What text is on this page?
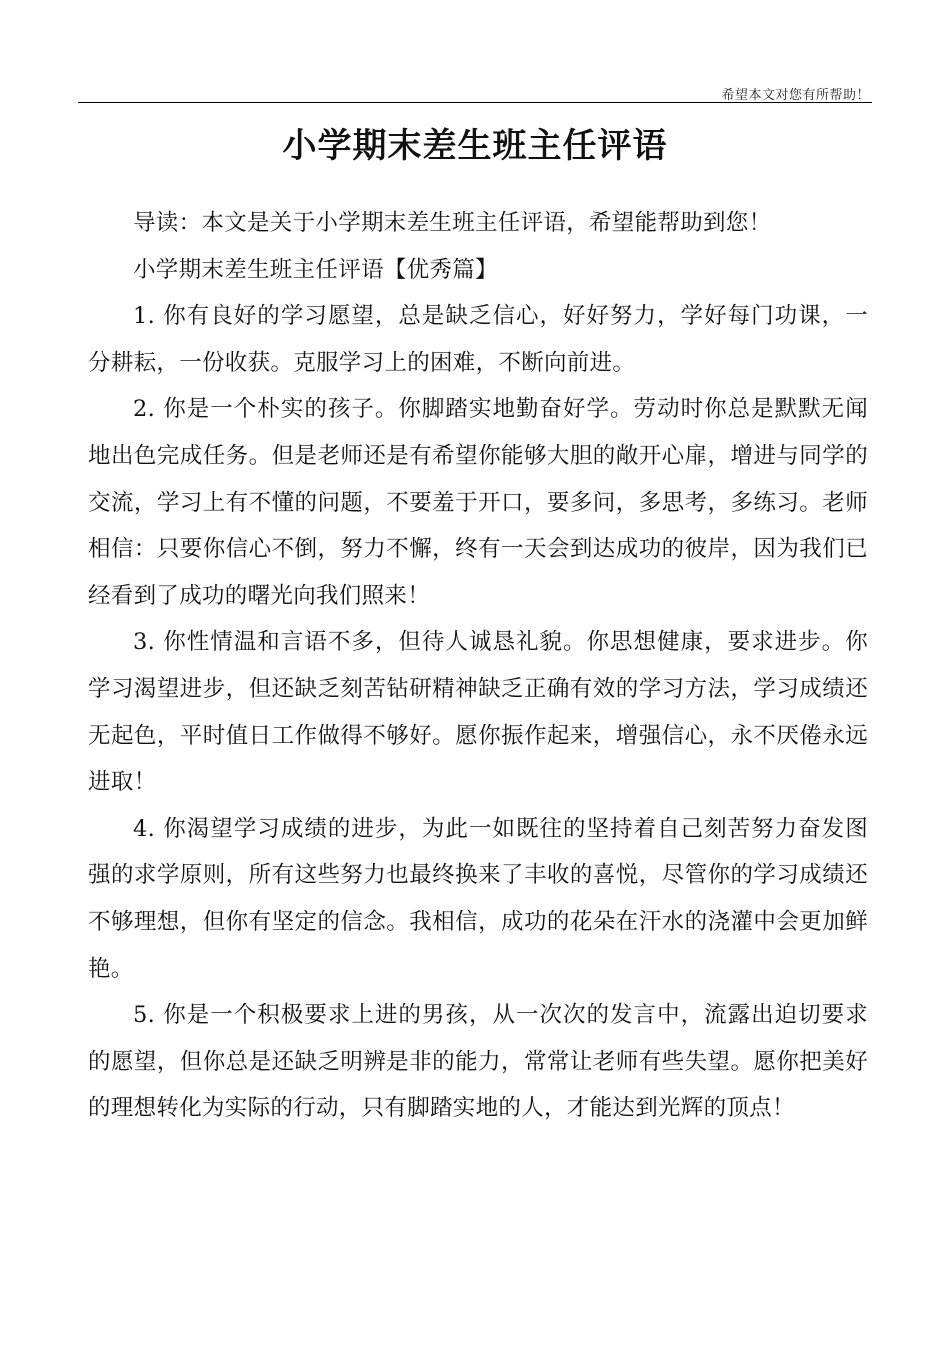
希望本文对您有所帮助！
小学期末差生班主任评语

导读：本文是关于小学期末差生班主任评语，希望能帮助到您！

小学期末差生班主任评语【优秀篇】

1. 你有良好的学习愿望，总是缺乏信心，好好努力，学好每门功课，一分耕耘，一份收获。克服学习上的困难，不断向前进。

2. 你是一个朴实的孩子。你脚踏实地勤奋好学。劳动时你总是默默无闻地出色完成任务。但是老师还是有希望你能够大胆的敞开心扉，增进与同学的交流，学习上有不懂的问题，不要羞于开口，要多问，多思考，多练习。老师相信：只要你信心不倒，努力不懈，终有一天会到达成功的彼岸，因为我们已经看到了成功的曙光向我们照来！

3. 你性情温和言语不多，但待人诚恳礼貌。你思想健康，要求进步。你学习渴望进步，但还缺乏刻苦钻研精神缺乏正确有效的学习方法，学习成绩还无起色，平时值日工作做得不够好。愿你振作起来，增强信心，永不厌倦永远进取！

4. 你渴望学习成绩的进步，为此一如既往的坚持着自己刻苦努力奋发图强的求学原则，所有这些努力也最终换来了丰收的喜悦，尽管你的学习成绩还不够理想，但你有坚定的信念。我相信，成功的花朵在汗水的浇灌中会更加鲜艳。

5. 你是一个积极要求上进的男孩，从一次次的发言中，流露出迫切要求的愿望，但你总是还缺乏明辨是非的能力，常常让老师有些失望。愿你把美好的理想转化为实际的行动，只有脚踏实地的人，才能达到光辉的顶点！
